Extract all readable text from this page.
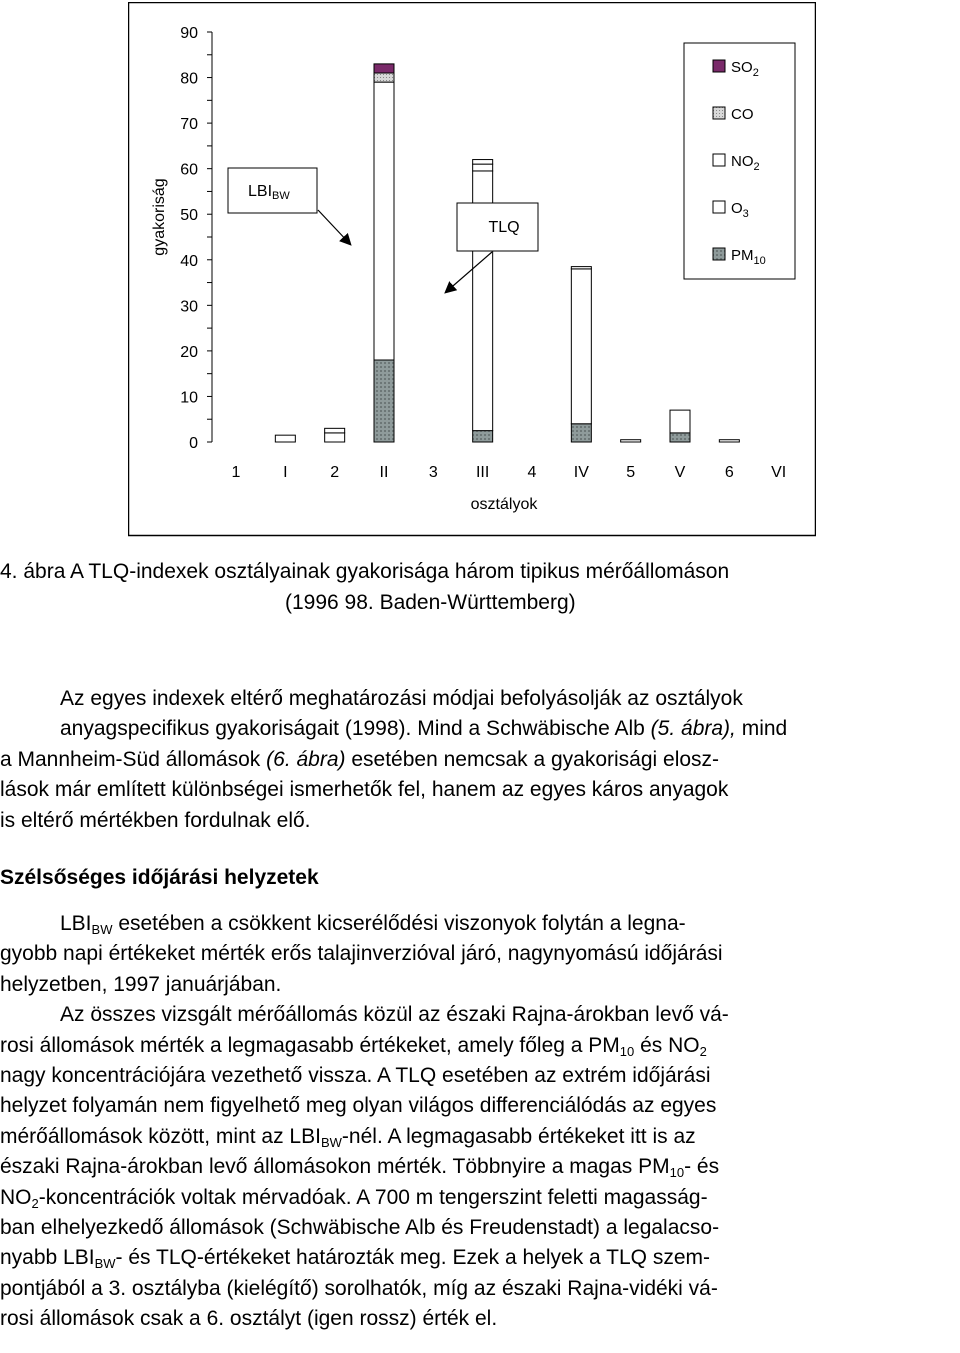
0
10
20
30
40
50
60
70
80
90
gyakoriság
1	I	2	II	3 III 4 IV 5 V 6 VI
osztályok
$SO_2$
CO
$NO_2$
$O_3$
$PM_{10}$
LBIBW
TLQ
4. ábra A TLQ-indexek osztályainak gyakorisága három tipikus mérőállomáson
(1996 98. Baden-Württemberg)

Az egyes indexek eltérő meghatározási módjai befolyásolják az osztályok
anyagspecifikus gyakoriságait (1998). Mind a Schwäbische Alb (5. ábra), mind

a Mannheim-Süd állomások (6. ábra) esetében nemcsak a gyakorisági elosz-
lások már említett különbségei ismerhetők fel, hanem az egyes káros anyagok
is eltérő mértékben fordulnak elő.

Szélsőséges időjárási helyzetek

$LBI_{BW}$ esetében a csökkent kicserélődési viszonyok folytán a legna-
gyobb napi értékeket mérték erős talajinverzióval járó, nagynyomású időjárási
helyzetben, 1997 januárjában.

Az összes vizsgált mérőállomás közül az északi Rajna-árokban levő vá-
rosi állomások mérték a legmagasabb értékeket, amely főleg a $PM_{10}$ és $NO_2$
nagy koncentrációjára vezethető vissza. A TLQ esetében az extrém időjárási
helyzet folyamán nem figyelhető meg olyan világos differenciálódás az egyes
mérőállomások között, mint az $LBI_{BW}$-nél. A legmagasabb értékeket itt is az
északi Rajna-árokban levő állomásokon mérték. Többnyire a magas $PM_{10}-$ és
$NO_2$-koncentrációk voltak mérvadóak. A 700 m tengerszint feletti magasság-
ban elhelyezkedő állomások (Schwäbische Alb és Freudenstadt) a legalacso-
nyabb $LBI_{BW}-$ és TLQ-értékeket határozták meg. Ezek a helyek a TLQ szem-
pontjából a 3. osztályba (kielégítő) sorolhatók, míg az északi Rajna-vidéki vá-
rosi állomások csak a 6. osztályt (igen rossz) érték el.
